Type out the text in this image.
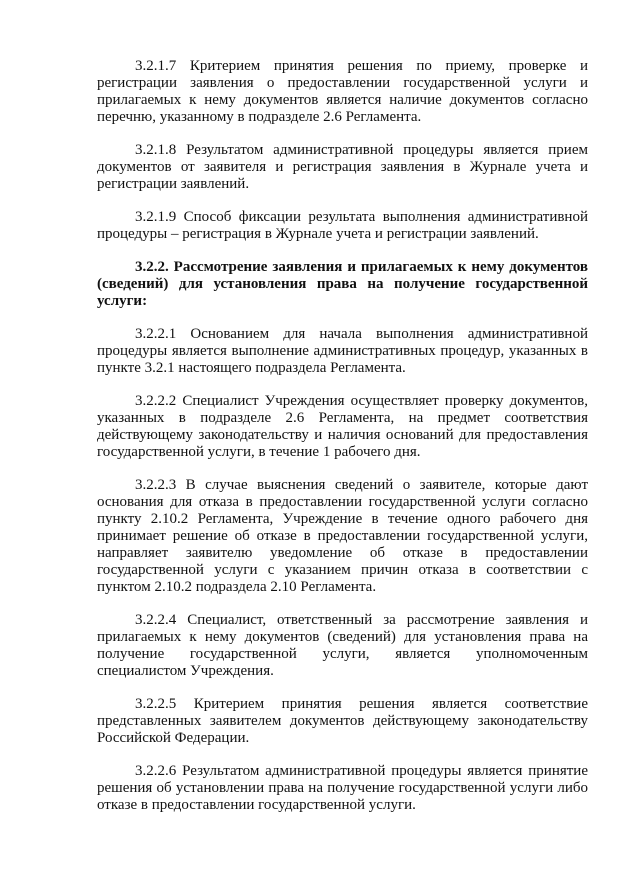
3.2.1.7 Критерием принятия решения по приему, проверке и регистрации заявления о предоставлении государственной услуги и прилагаемых к нему документов является наличие документов согласно перечню, указанному в подразделе 2.6 Регламента.

3.2.1.8 Результатом административной процедуры является прием документов от заявителя и регистрация заявления в Журнале учета и регистрации заявлений.

3.2.1.9 Способ фиксации результата выполнения административной процедуры – регистрация в Журнале учета и регистрации заявлений.

3.2.2. Рассмотрение заявления и прилагаемых к нему документов (сведений) для установления права на получение государственной услуги:

3.2.2.1 Основанием для начала выполнения административной процедуры является выполнение административных процедур, указанных в пункте 3.2.1 настоящего подраздела Регламента.

3.2.2.2 Специалист Учреждения осуществляет проверку документов, указанных в подразделе 2.6 Регламента, на предмет соответствия действующему законодательству и наличия оснований для предоставления государственной услуги, в течение 1 рабочего дня.

3.2.2.3 В случае выяснения сведений о заявителе, которые дают основания для отказа в предоставлении государственной услуги согласно пункту 2.10.2 Регламента, Учреждение в течение одного рабочего дня принимает решение об отказе в предоставлении государственной услуги, направляет заявителю уведомление об отказе в предоставлении государственной услуги с указанием причин отказа в соответствии с пунктом 2.10.2 подраздела 2.10 Регламента.

3.2.2.4 Специалист, ответственный за рассмотрение заявления и прилагаемых к нему документов (сведений) для установления права на получение государственной услуги, является уполномоченным специалистом Учреждения.

3.2.2.5 Критерием принятия решения является соответствие представленных заявителем документов действующему законодательству Российской Федерации.

3.2.2.6 Результатом административной процедуры является принятие решения об установлении права на получение государственной услуги либо отказе в предоставлении государственной услуги.
